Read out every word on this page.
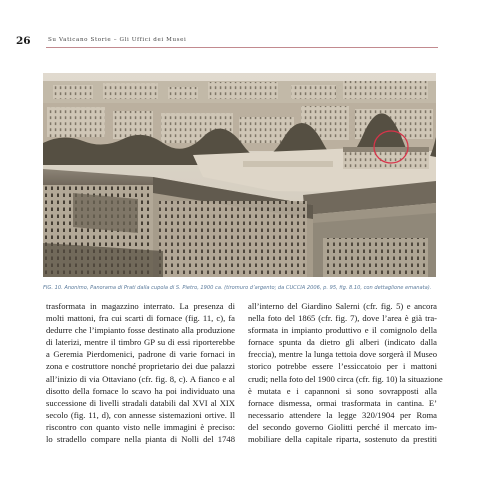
26	Su Vaticano Storie – Gli Uffici dei Musei
FIG. 10. Anonimo, Panorama di Prati dalla cupola di S. Pietro, 1900 ca. (tiromuro d’argento; da CUCCIA 2006, p. 95, fig. 8.10, con dettaglione emanata).
trasformata in magazzino interrato. La presenza di
molti mattoni, fra cui scarti di fornace (fig. 11, c), fa
dedurre che l’impianto fosse destinato alla produzione
di laterizi, mentre il timbro GP su di essi riporterebbe
a Geremia Pierdomenici, padrone di varie fornaci in
zona e costruttore nonché proprietario dei due palazzi
all’inizio di via Ottaviano (cfr. fig. 8, c). A fianco e al
disotto della fornace lo scavo ha poi individuato una
successione di livelli stradali databili dal XVI al XIX
secolo (fig. 11, d), con annesse sistemazioni ortive. Il
riscontro con quanto visto nelle immagini è preciso:
lo stradello compare nella pianta di Nolli del 1748
all’interno del Giardino Salerni (cfr. fig. 5) e ancora
nella foto del 1865 (cfr. fig. 7), dove l’area è già tra-
sformata in impianto produttivo e il comignolo della
fornace spunta da dietro gli alberi (indicato dalla
freccia), mentre la lunga tettoia dove sorgerà il Museo
storico potrebbe essere l’essiccatoio per i mattoni
crudi; nella foto del 1900 circa (cfr. fig. 10) la situazione
è mutata e i capannoni si sono sovrapposti alla
fornace dismessa, ormai trasformata in cantina. E’
necessario attendere la legge 320/1904 per Roma
del secondo governo Giolitti perché il mercato im-
mobiliare della capitale riparta, sostenuto da prestiti
